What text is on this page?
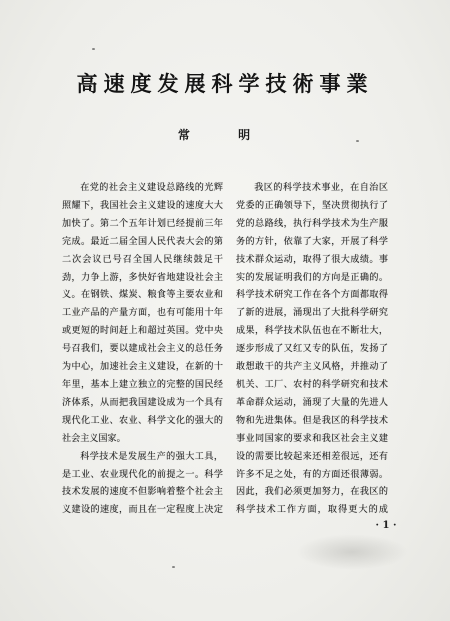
高速度发展科学技術事業
常 明

在党的社会主义建设总路线的光辉照耀下，我国社会主义建设的速度大大加快了。第二个五年计划已经提前三年完成。最近二届全国人民代表大会的第二次会议已号召全国人民继续鼓足干劲，力争上游，多快好省地建设社会主义。在钢铁、煤炭、粮食等主要农业和工业产品的产量方面，也有可能用十年或更短的时间赶上和超过英国。党中央号召我们，要以建成社会主义的总任务为中心，加速社会主义建设，在新的十年里，基本上建立独立的完整的国民经济体系，从而把我国建设成为一个具有现代化工业、农业、科学文化的强大的社会主义国家。

科学技术是发展生产的强大工具，是工业、农业现代化的前提之一。科学技术发展的速度不但影响着整个社会主义建设的速度，而且在一定程度上决定

我区的科学技术事业，在自治区党委的正确领导下，坚决贯彻执行了党的总路线，执行科学技术为生产服务的方针，依靠了大家，开展了科学技术群众运动，取得了很大成绩。事实的发展证明我们的方向是正确的。科学技术研究工作在各个方面都取得了新的进展，涌现出了大批科学研究成果，科学技术队伍也在不断壮大，逐步形成了又红又专的队伍，发扬了敢想敢干的共产主义风格，并推动了机关、工厂、农村的科学研究和技术革命群众运动，涌现了大量的先进人物和先进集体。但是我区的科学技术事业同国家的要求和我区社会主义建设的需要比较起来还相差很远，还有许多不足之处，有的方面还很薄弱。因此，我们必须更加努力，在我区的科学技术工作方面，取得更大的成

· 1 ·
